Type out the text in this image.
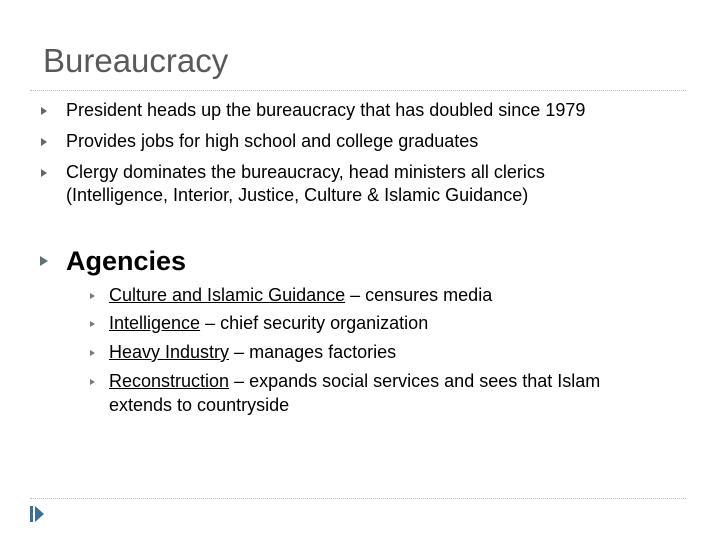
Bureaucracy
President heads up the bureaucracy that has doubled since 1979
Provides jobs for high school and college graduates
Clergy dominates the bureaucracy, head ministers all clerics
(Intelligence, Interior, Justice, Culture & Islamic Guidance)
Agencies
Culture and Islamic Guidance – censures media
Intelligence – chief security organization
Heavy Industry – manages factories
Reconstruction – expands social services and sees that Islam
extends to countryside
